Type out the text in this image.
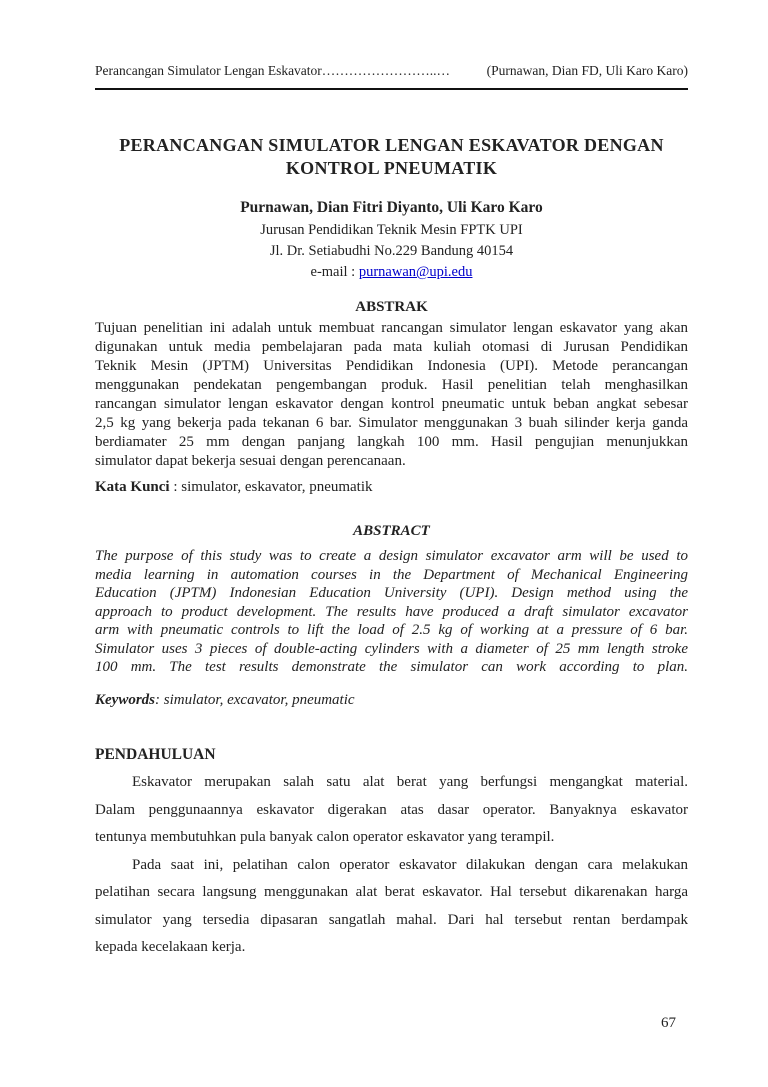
Perancangan Simulator Lengan Eskavator……………………..…	(Purnawan, Dian FD, Uli Karo Karo)
PERANCANGAN SIMULATOR LENGAN ESKAVATOR DENGAN
KONTROL PNEUMATIK
Purnawan, Dian Fitri Diyanto, Uli Karo Karo
Jurusan Pendidikan Teknik Mesin FPTK UPI
Jl. Dr. Setiabudhi No.229 Bandung 40154
e-mail : purnawan@upi.edu
ABSTRAK
Tujuan penelitian ini adalah untuk membuat rancangan simulator lengan eskavator yang akan
digunakan untuk media pembelajaran pada mata kuliah otomasi di Jurusan Pendidikan
Teknik Mesin (JPTM) Universitas Pendidikan Indonesia (UPI). Metode perancangan
menggunakan pendekatan pengembangan produk. Hasil penelitian telah menghasilkan
rancangan simulator lengan eskavator dengan kontrol pneumatic untuk beban angkat sebesar
2,5 kg yang bekerja pada tekanan 6 bar. Simulator menggunakan 3 buah silinder kerja ganda
berdiamater 25 mm dengan panjang langkah 100 mm. Hasil pengujian menunjukkan
simulator dapat bekerja sesuai dengan perencanaan.
Kata Kunci : simulator, eskavator, pneumatik
ABSTRACT
The purpose of this study was to create a design simulator excavator arm will be used to
media learning in automation courses in the Department of Mechanical Engineering
Education (JPTM) Indonesian Education University (UPI). Design method using the
approach to product development. The results have produced a draft simulator excavator
arm with pneumatic controls to lift the load of 2.5 kg of working at a pressure of 6 bar.
Simulator uses 3 pieces of double-acting cylinders with a diameter of 25 mm length stroke
100 mm. The test results demonstrate the simulator can work according to plan.
Keywords: simulator, excavator, pneumatic
PENDAHULUAN
Eskavator merupakan salah satu alat berat yang berfungsi mengangkat material.
Dalam penggunaannya eskavator digerakan atas dasar operator. Banyaknya eskavator
tentunya membutuhkan pula banyak calon operator eskavator yang terampil.
Pada saat ini, pelatihan calon operator eskavator dilakukan dengan cara melakukan
pelatihan secara langsung menggunakan alat berat eskavator. Hal tersebut dikarenakan harga
simulator yang tersedia dipasaran sangatlah mahal. Dari hal tersebut rentan berdampak
kepada kecelakaan kerja.
67
